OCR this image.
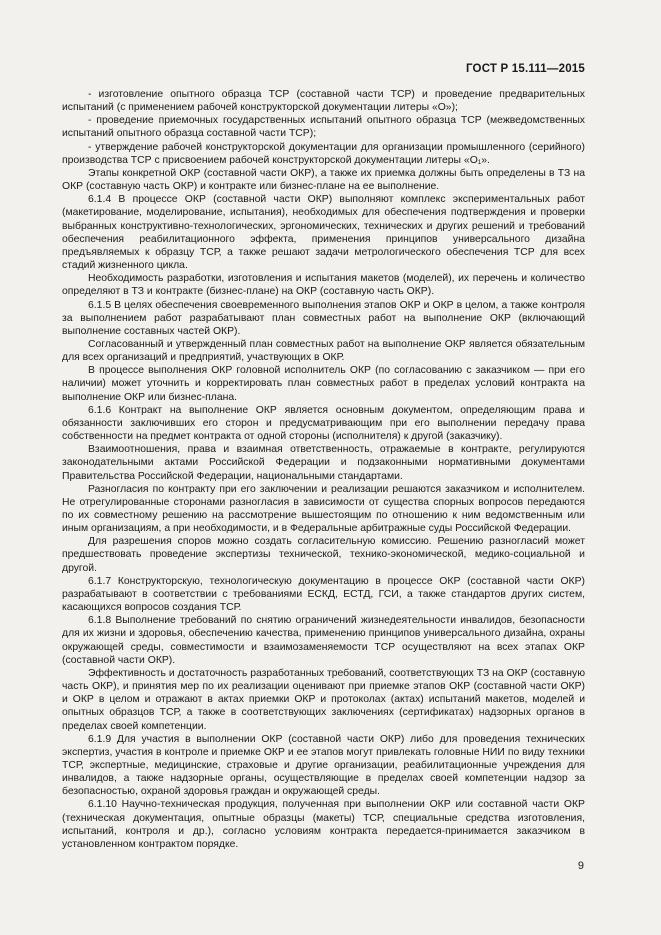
ГОСТ Р 15.111—2015

- изготовление опытного образца ТСР (составной части ТСР) и проведение предварительных испытаний (с применением рабочей конструкторской документации литеры «О»);

- проведение приемочных государственных испытаний опытного образца ТСР (межведомственных испытаний опытного образца составной части ТСР);

- утверждение рабочей конструкторской документации для организации промышленного (серийного) производства ТСР с присвоением рабочей конструкторской документации литеры «О₁».

Этапы конкретной ОКР (составной части ОКР), а также их приемка должны быть определены в ТЗ на ОКР (составную часть ОКР) и контракте или бизнес-плане на ее выполнение.

6.1.4 В процессе ОКР (составной части ОКР) выполняют комплекс экспериментальных работ (макетирование, моделирование, испытания), необходимых для обеспечения подтверждения и проверки выбранных конструктивно-технологических, эргономических, технических и других решений и требований обеспечения реабилитационного эффекта, применения принципов универсального дизайна предъявляемых к образцу ТСР, а также решают задачи метрологического обеспечения ТСР для всех стадий жизненного цикла.

Необходимость разработки, изготовления и испытания макетов (моделей), их перечень и количество определяют в ТЗ и контракте (бизнес-плане) на ОКР (составную часть ОКР).

6.1.5 В целях обеспечения своевременного выполнения этапов ОКР и ОКР в целом, а также контроля за выполнением работ разрабатывают план совместных работ на выполнение ОКР (включающий выполнение составных частей ОКР).

Согласованный и утвержденный план совместных работ на выполнение ОКР является обязательным для всех организаций и предприятий, участвующих в ОКР.

В процессе выполнения ОКР головной исполнитель ОКР (по согласованию с заказчиком — при его наличии) может уточнить и корректировать план совместных работ в пределах условий контракта на выполнение ОКР или бизнес-плана.

6.1.6 Контракт на выполнение ОКР является основным документом, определяющим права и обязанности заключивших его сторон и предусматривающим при его выполнении передачу права собственности на предмет контракта от одной стороны (исполнителя) к другой (заказчику).

Взаимоотношения, права и взаимная ответственность, отражаемые в контракте, регулируются законодательными актами Российской Федерации и подзаконными нормативными документами Правительства Российской Федерации, национальными стандартами.

Разногласия по контракту при его заключении и реализации решаются заказчиком и исполнителем. Не отрегулированные сторонами разногласия в зависимости от существа спорных вопросов передаются по их совместному решению на рассмотрение вышестоящим по отношению к ним ведомственным или иным организациям, а при необходимости, и в Федеральные арбитражные суды Российской Федерации.

Для разрешения споров можно создать согласительную комиссию. Решению разногласий может предшествовать проведение экспертизы технической, технико-экономической, медико-социальной и другой.

6.1.7 Конструкторскую, технологическую документацию в процессе ОКР (составной части ОКР) разрабатывают в соответствии с требованиями ЕСКД, ЕСТД, ГСИ, а также стандартов других систем, касающихся вопросов создания ТСР.

6.1.8 Выполнение требований по снятию ограничений жизнедеятельности инвалидов, безопасности для их жизни и здоровья, обеспечению качества, применению принципов универсального дизайна, охраны окружающей среды, совместимости и взаимозаменяемости ТСР осуществляют на всех этапах ОКР (составной части ОКР).

Эффективность и достаточность разработанных требований, соответствующих ТЗ на ОКР (составную часть ОКР), и принятия мер по их реализации оценивают при приемке этапов ОКР (составной части ОКР) и ОКР в целом и отражают в актах приемки ОКР и протоколах (актах) испытаний макетов, моделей и опытных образцов ТСР, а также в соответствующих заключениях (сертификатах) надзорных органов в пределах своей компетенции.

6.1.9 Для участия в выполнении ОКР (составной части ОКР) либо для проведения технических экспертиз, участия в контроле и приемке ОКР и ее этапов могут привлекать головные НИИ по виду техники ТСР, экспертные, медицинские, страховые и другие организации, реабилитационные учреждения для инвалидов, а также надзорные органы, осуществляющие в пределах своей компетенции надзор за безопасностью, охраной здоровья граждан и окружающей среды.

6.1.10 Научно-техническая продукция, полученная при выполнении ОКР или составной части ОКР (техническая документация, опытные образцы (макеты) ТСР, специальные средства изготовления, испытаний, контроля и др.), согласно условиям контракта передается-принимается заказчиком в установленном контрактом порядке.

9
